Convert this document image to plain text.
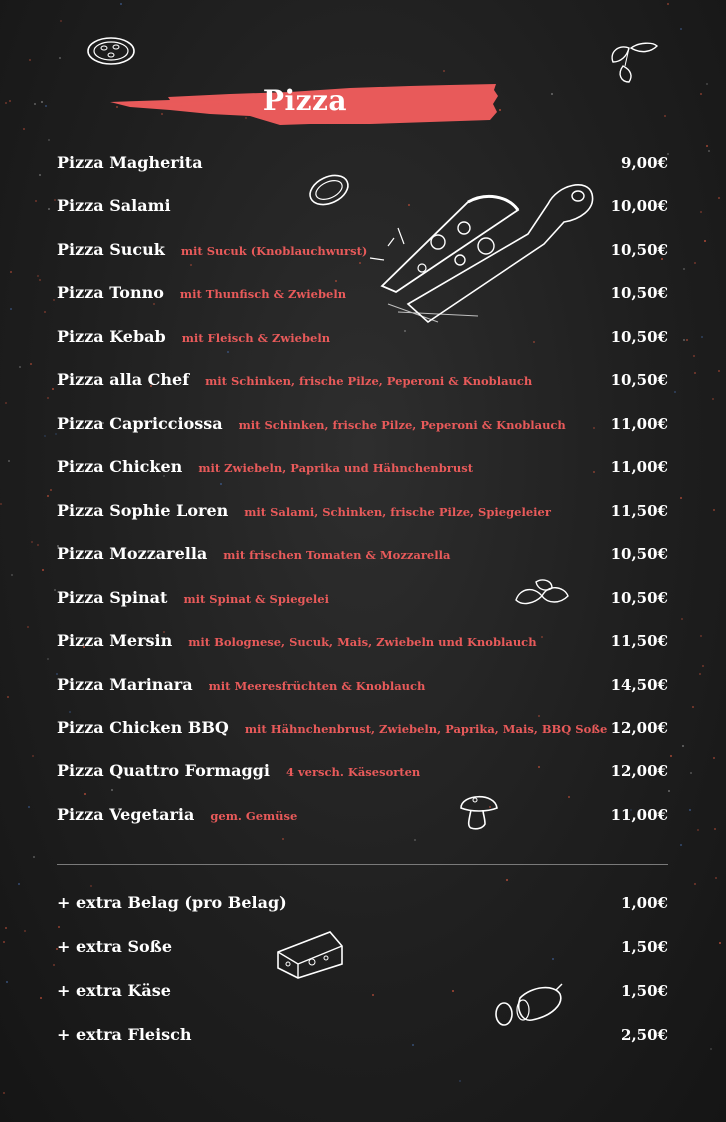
Pizza
Pizza Magherita	9,00€
Pizza Salami	10,00€
Pizza Sucuk mit Sucuk (Knoblauchwurst)	10,50€
Pizza Tonno mit Thunfisch & Zwiebeln	10,50€
Pizza Kebab mit Fleisch & Zwiebeln	10,50€
Pizza alla Chef mit Schinken, frische Pilze, Peperoni & Knoblauch	10,50€
Pizza Capricciossa mit Schinken, frische Pilze, Peperoni & Knoblauch	11,00€
Pizza Chicken mit Zwiebeln, Paprika und Hähnchenbrust	11,00€
Pizza Sophie Loren mit Salami, Schinken, frische Pilze, Spiegeleier	11,50€
Pizza Mozzarella mit frischen Tomaten & Mozzarella	10,50€
Pizza Spinat mit Spinat & Spiegelei	10,50€
Pizza Mersin mit Bolognese, Sucuk, Mais, Zwiebeln und Knoblauch	11,50€
Pizza Marinara mit Meeresfrüchten & Knoblauch	14,50€
Pizza Chicken BBQ mit Hähnchenbrust, Zwiebeln, Paprika, Mais, BBQ Soße 12,00€
Pizza Quattro Formaggi 4 versch. Käsesorten	12,00€
Pizza Vegetaria gem. Gemüse	11,00€
+ extra Belag (pro Belag)	1,00€
+ extra Soße	1,50€
+ extra Käse	1,50€
+ extra Fleisch	2,50€
